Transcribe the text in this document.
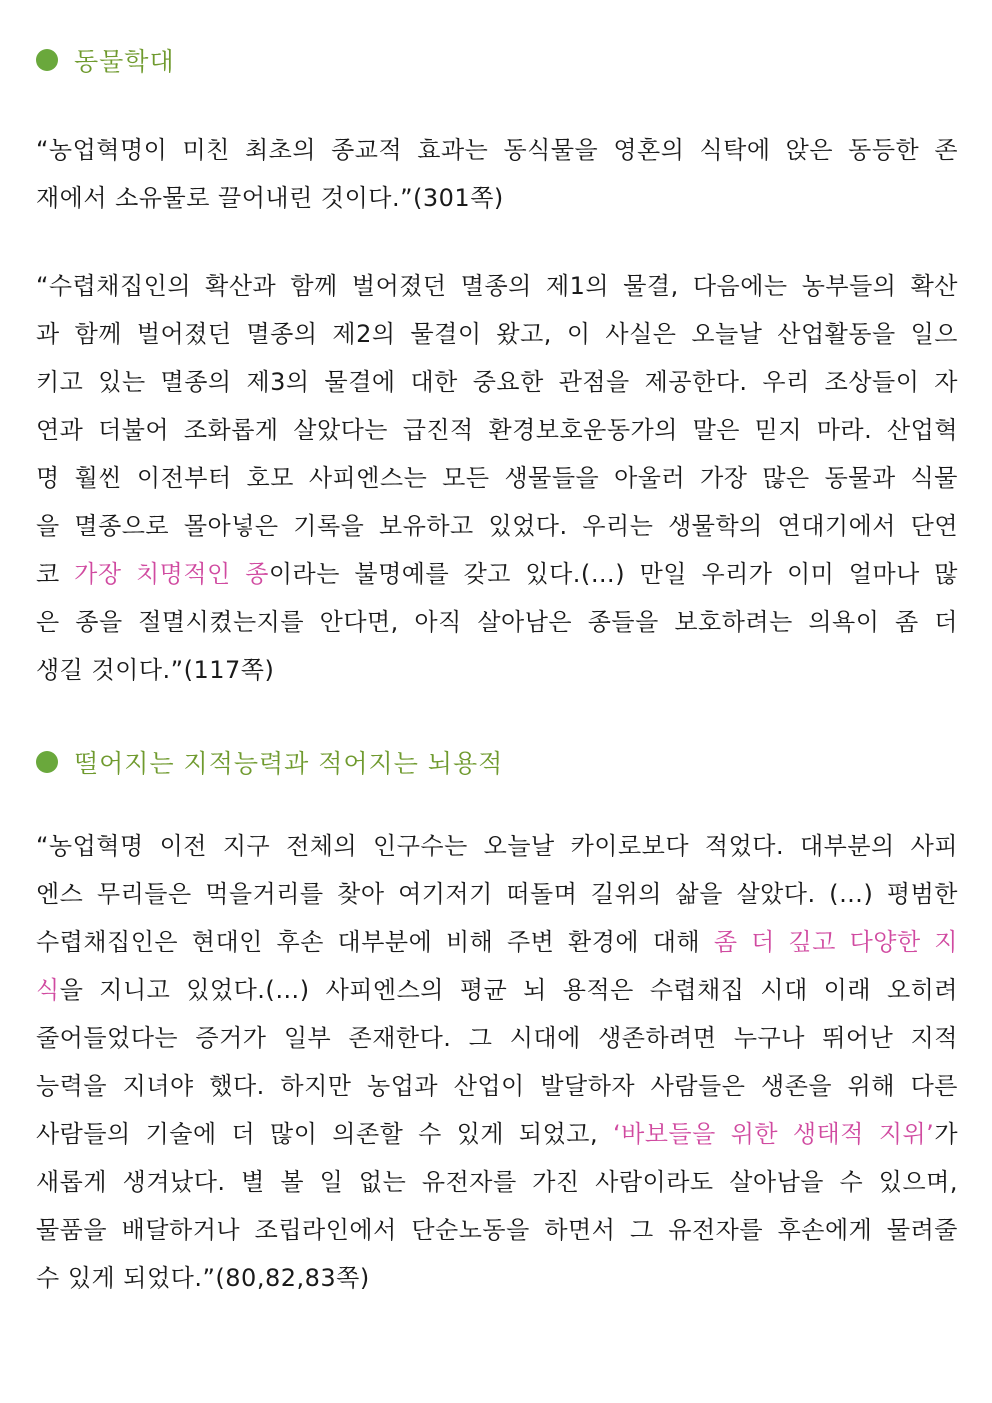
동물학대
“농업혁명이 미친 최초의 종교적 효과는 동식물을 영혼의 식탁에 앉은 동등한 존
재에서 소유물로 끌어내린 것이다.”(301쪽)
“수렵채집인의 확산과 함께 벌어졌던 멸종의 제1의 물결, 다음에는 농부들의 확산
과 함께 벌어졌던 멸종의 제2의 물결이 왔고, 이 사실은 오늘날 산업활동을 일으
키고 있는 멸종의 제3의 물결에 대한 중요한 관점을 제공한다. 우리 조상들이 자
연과 더불어 조화롭게 살았다는 급진적 환경보호운동가의 말은 믿지 마라. 산업혁
명 훨씬 이전부터 호모 사피엔스는 모든 생물들을 아울러 가장 많은 동물과 식물
을 멸종으로 몰아넣은 기록을 보유하고 있었다. 우리는 생물학의 연대기에서 단연
코 가장 치명적인 종이라는 불명예를 갖고 있다.(…) 만일 우리가 이미 얼마나 많
은 종을 절멸시켰는지를 안다면, 아직 살아남은 종들을 보호하려는 의욕이 좀 더
생길 것이다.”(117쪽)
떨어지는 지적능력과 적어지는 뇌용적
“농업혁명 이전 지구 전체의 인구수는 오늘날 카이로보다 적었다. 대부분의 사피
엔스 무리들은 먹을거리를 찾아 여기저기 떠돌며 길위의 삶을 살았다. (…) 평범한
수렵채집인은 현대인 후손 대부분에 비해 주변 환경에 대해 좀 더 깊고 다양한 지
식을 지니고 있었다.(…) 사피엔스의 평균 뇌 용적은 수렵채집 시대 이래 오히려
줄어들었다는 증거가 일부 존재한다. 그 시대에 생존하려면 누구나 뛰어난 지적
능력을 지녀야 했다. 하지만 농업과 산업이 발달하자 사람들은 생존을 위해 다른
사람들의 기술에 더 많이 의존할 수 있게 되었고, ‘바보들을 위한 생태적 지위’가
새롭게 생겨났다. 별 볼 일 없는 유전자를 가진 사람이라도 살아남을 수 있으며,
물품을 배달하거나 조립라인에서 단순노동을 하면서 그 유전자를 후손에게 물려줄
수 있게 되었다.”(80,82,83쪽)
